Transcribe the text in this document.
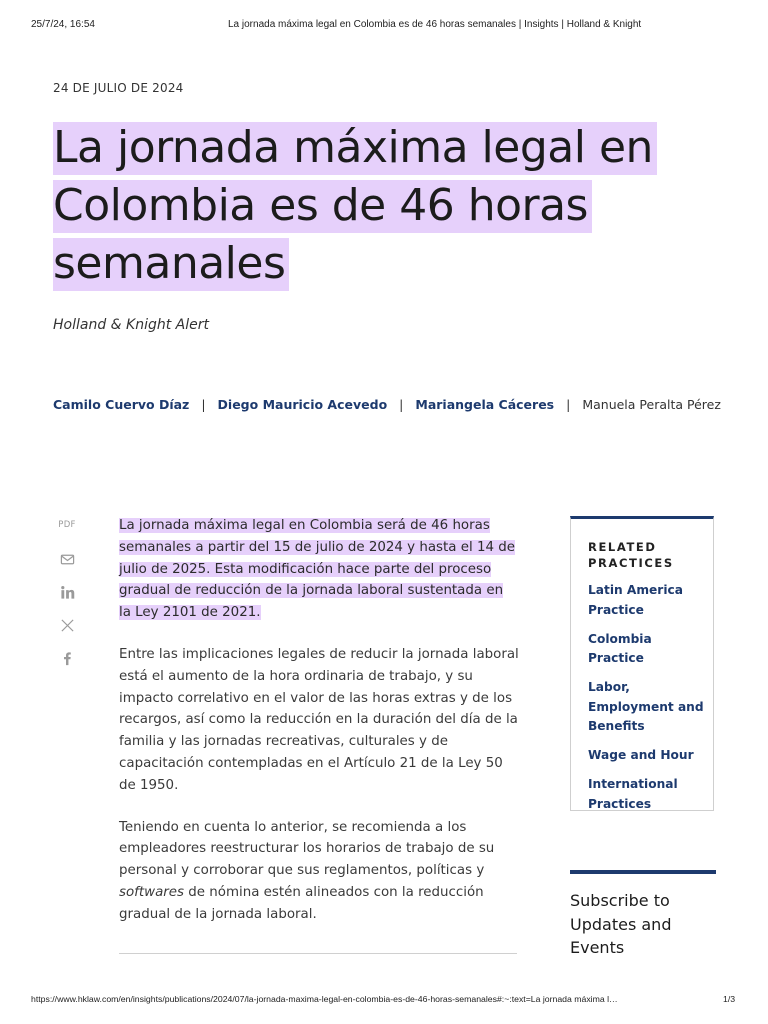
25/7/24, 16:54	La jornada máxima legal en Colombia es de 46 horas semanales | Insights | Holland & Knight
24 DE JULIO DE 2024
La jornada máxima legal en Colombia es de 46 horas semanales
Holland & Knight Alert
Camilo Cuervo Díaz | Diego Mauricio Acevedo | Mariangela Cáceres | Manuela Peralta Pérez
PDF	La jornada máxima legal en Colombia será de 46 horas semanales a partir del 15 de julio de 2024 y hasta el 14 de julio de 2025. Esta modificación hace parte del proceso gradual de reducción de la jornada laboral sustentada en la Ley 2101 de 2021.

Entre las implicaciones legales de reducir la jornada laboral está el aumento de la hora ordinaria de trabajo, y su impacto correlativo en el valor de las horas extras y de los recargos, así como la reducción en la duración del día de la familia y las jornadas recreativas, culturales y de capacitación contempladas en el Artículo 21 de la Ley 50 de 1950.

Teniendo en cuenta lo anterior, se recomienda a los empleadores reestructurar los horarios de trabajo de su personal y corroborar que sus reglamentos, políticas y softwares de nómina estén alineados con la reducción gradual de la jornada laboral.

RELATED PRACTICES
Latin America Practice
Colombia Practice
Labor, Employment and Benefits
Wage and Hour
International Practices
Subscribe to Updates and Events
https://www.hklaw.com/en/insights/publications/2024/07/la-jornada-maxima-legal-en-colombia-es-de-46-horas-semanales#:~:text=La jornada máxima l…	1/3
